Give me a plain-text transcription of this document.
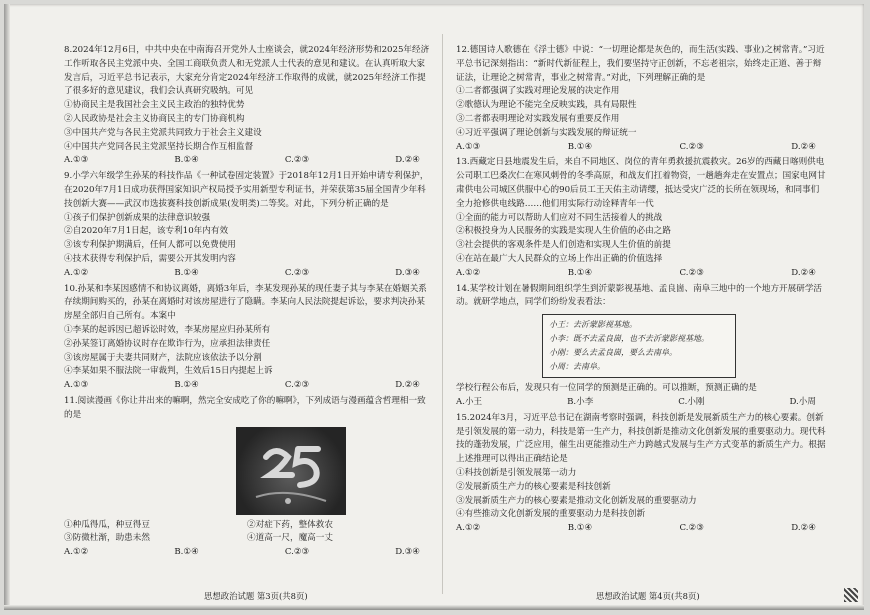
8.2024年12月6日，中共中央在中南海召开党外人士座谈会，就2024年经济形势和2025年经济工作听取各民主党派中央、全国工商联负责人和无党派人士代表的意见和建议。在认真听取大家发言后，习近平总书记表示，大家充分肯定2024年经济工作取得的成就，就2025年经济工作提了很多好的意见建议，我们会认真研究吸纳。可见
①协商民主是我国社会主义民主政治的独特优势
②人民政协是社会主义协商民主的专门协商机构
③中国共产党与各民主党派共同致力于社会主义建设
④中国共产党同各民主党派坚持长期合作互相监督
A.①③	B.①④	C.②③	D.②④
9.小学六年级学生孙某的科技作品《一种试卷固定装置》于2018年12月1日开始申请专利保护，在2020年7月1日成功获得国家知识产权局授予实用新型专利证书，并荣获第35届全国青少年科技创新大赛——武汉市选拔赛科技创新成果(发明类)二等奖。对此，下列分析正确的是
①孩子们保护创新成果的法律意识较强
②自2020年7月1日起，该专利10年内有效
③该专利保护期满后，任何人都可以免费使用
④技术获得专利保护后，需要公开其发明内容
A.①②	B.①④	C.②③	D.③④
10.孙某和李某因感情不和协议离婚，离婚3年后，李某发现孙某的现任妻子其与李某在婚姻关系存续期间购买的，孙某在离婚时对该房屋进行了隐瞒。李某向人民法院提起诉讼，要求判决孙某房屋全部归自己所有。本案中
①李某的起诉因已超诉讼时效，李某房屋应归孙某所有
②孙某签订离婚协议时存在欺诈行为，应承担法律责任
③该房屋属于夫妻共同财产，法院应该依法予以分割
④李某如果不服法院一审裁判，生效后15日内提起上诉
A.①③	B.①④	C.②③	D.②④
11.阅读漫画《你让井出来的嘛啊，然完全安成吃了你的嘛啊》，下列成语与漫画蕴含哲理相一致的是
①种瓜得瓜，种豆得豆	②对症下药，整体救农
③防微杜渐，助患未然	④道高一尺，魔高一丈
A.①②	B.①④	C.②③	D.③④
12.德国诗人歌德在《浮士德》中说：“一切理论都是灰色的，而生活(实践、事业)之树常青。”习近平总书记深刻指出：“新时代新征程上，我们要坚持守正创新，不忘老祖宗，始终走正道、善于辩证法，让理论之树常青，事业之树常青。”对此，下列理解正确的是
①二者都强调了实践对理论发展的决定作用
②歌德认为理论不能完全反映实践，具有局限性
③二者都表明理论对实践发展有重要反作用
④习近平强调了理论创新与实践发展的辩证统一
A.①③	B.①④	C.②③	D.②④
13.西藏定日县地震发生后，来自不同地区、岗位的青年勇救援抗震救灾。26岁的西藏日喀则供电公司职工巴桑次仁在寒风刺骨的冬季高原，和战友们扛着物资，一趟趟奔走在安置点；国家电网甘肃供电公司城区供服中心的90后员工王天佑主动请缨，抵达受灾广泛的长所在领现场，和同事们全力抢修供电线路……他们用实际行动诠释青年一代
①全面的能力可以帮助人们应对不同生活接着人的挑战
②积极投身为人民服务的实践是实现人生价值的必由之路
③社会提供的客观条件是人们创造和实现人生价值的前提
④在站在最广大人民群众的立场上作出正确的价值选择
A.①②	B.①④	C.②③	D.②④
14.某学校计划在暑假期间组织学生到沂蒙影视基地、孟良崮、南阜三地中的一个地方开展研学活动。就研学地点，同学们纷纷发表看法：
小王：去沂蒙影视基地。
小李：既不去孟良崮，也不去沂蒙影视基地。
小刚：要么去孟良崮，要么去南阜。
小周：去南阜。
学校行程公布后，发现只有一位同学的预测是正确的。可以推断，预测正确的是
A.小王	B.小李	C.小刚	D.小周
15.2024年3月，习近平总书记在湖南考察时强调，科技创新是发展新质生产力的核心要素。创新是引领发展的第一动力，科技是第一生产力，科技创新是推动文化创新发展的重要驱动力。现代科技的蓬勃发展，广泛应用，催生出更能推动生产力跨越式发展与生产方式变革的新质生产力。根据上述推理可以得出正确结论是
①科技创新是引领发展第一动力
②发展新质生产力的核心要素是科技创新
③发展新质生产力的核心要素是推动文化创新发展的重要驱动力
④有些推动文化创新发展的重要驱动力是科技创新
A.①②	B.①④	C.②③	D.②④
思想政治试题 第3页(共8页)	思想政治试题 第4页(共8页)
